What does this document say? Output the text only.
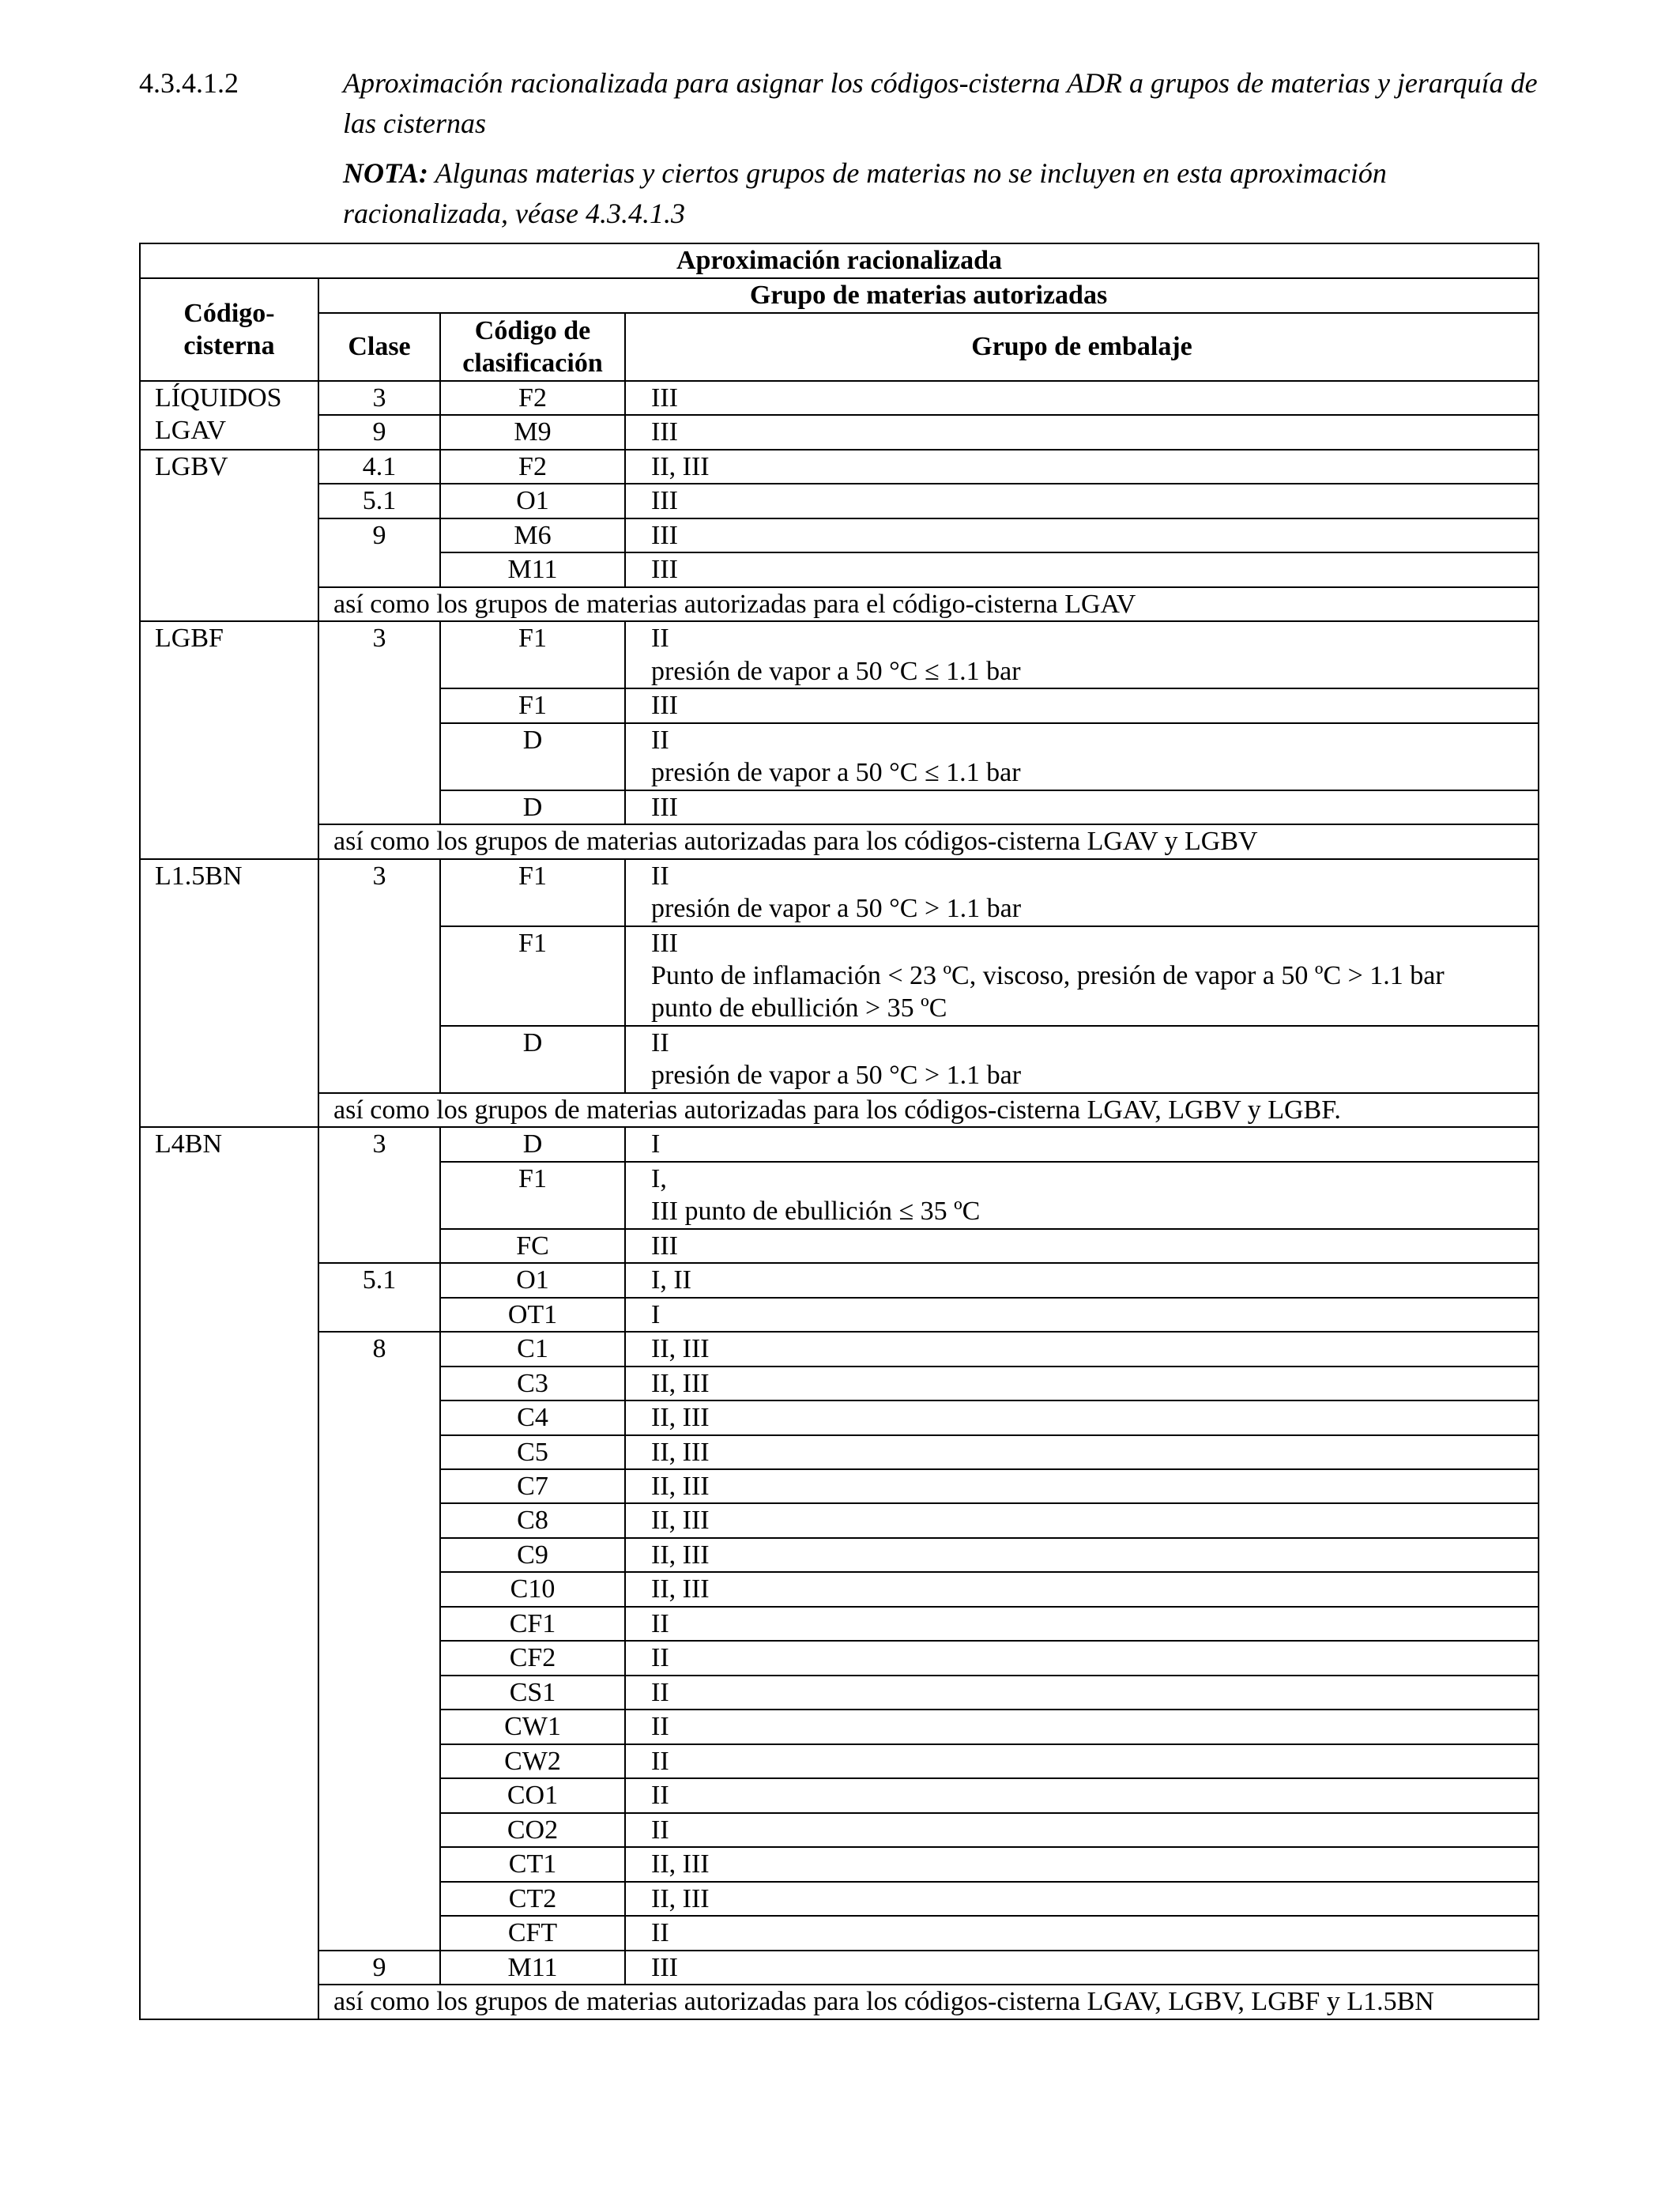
4.3.4.1.2	Aproximación racionalizada para asignar los códigos-cisterna ADR a grupos de materias y jerarquía de las cisternas
NOTA: Algunas materias y ciertos grupos de materias no se incluyen en esta aproximación racionalizada, véase 4.3.4.1.3
Aproximación racionalizada			
Código-cisterna	Grupo de materias autorizadas		
	Clase	Código de clasificación	Grupo de embalaje

LÍQUIDOS
LGAV	3	F2	III

	9	M9	III

LGBV	4.1	F2	II, III

	5.1	O1	III

	9	M6	III

		M11	III

	así como los grupos de materias autorizadas para el código-cisterna LGAV		

LGBF	3	F1	II
presión de vapor a 50 °C ≤ 1.1 bar

		F1	III

		D	II
presión de vapor a 50 °C ≤ 1.1 bar

		D	III

	así como los grupos de materias autorizadas para los códigos-cisterna LGAV y LGBV		

L1.5BN	3	F1	II
presión de vapor a 50 °C > 1.1 bar

		F1	III
Punto de inflamación < 23 ºC, viscoso, presión de vapor a 50 ºC > 1.1 bar
punto de ebullición > 35 ºC

		D	II
presión de vapor a 50 °C > 1.1 bar

	así como los grupos de materias autorizadas para los códigos-cisterna LGAV, LGBV y LGBF.		

L4BN	3	D	I

		F1	I,
III punto de ebullición ≤ 35 ºC

		FC	III

	5.1	O1	I, II

		OT1	I

	8	C1	II, III

		C3	II, III

		C4	II, III

		C5	II, III

		C7	II, III

		C8	II, III

		C9	II, III

		C10	II, III

		CF1	II

		CF2	II

		CS1	II

		CW1	II

		CW2	II

		CO1	II

		CO2	II

		CT1	II, III

		CT2	II, III

		CFT	II

	9	M11	III

	así como los grupos de materias autorizadas para los códigos-cisterna LGAV, LGBV, LGBF y L1.5BN		
